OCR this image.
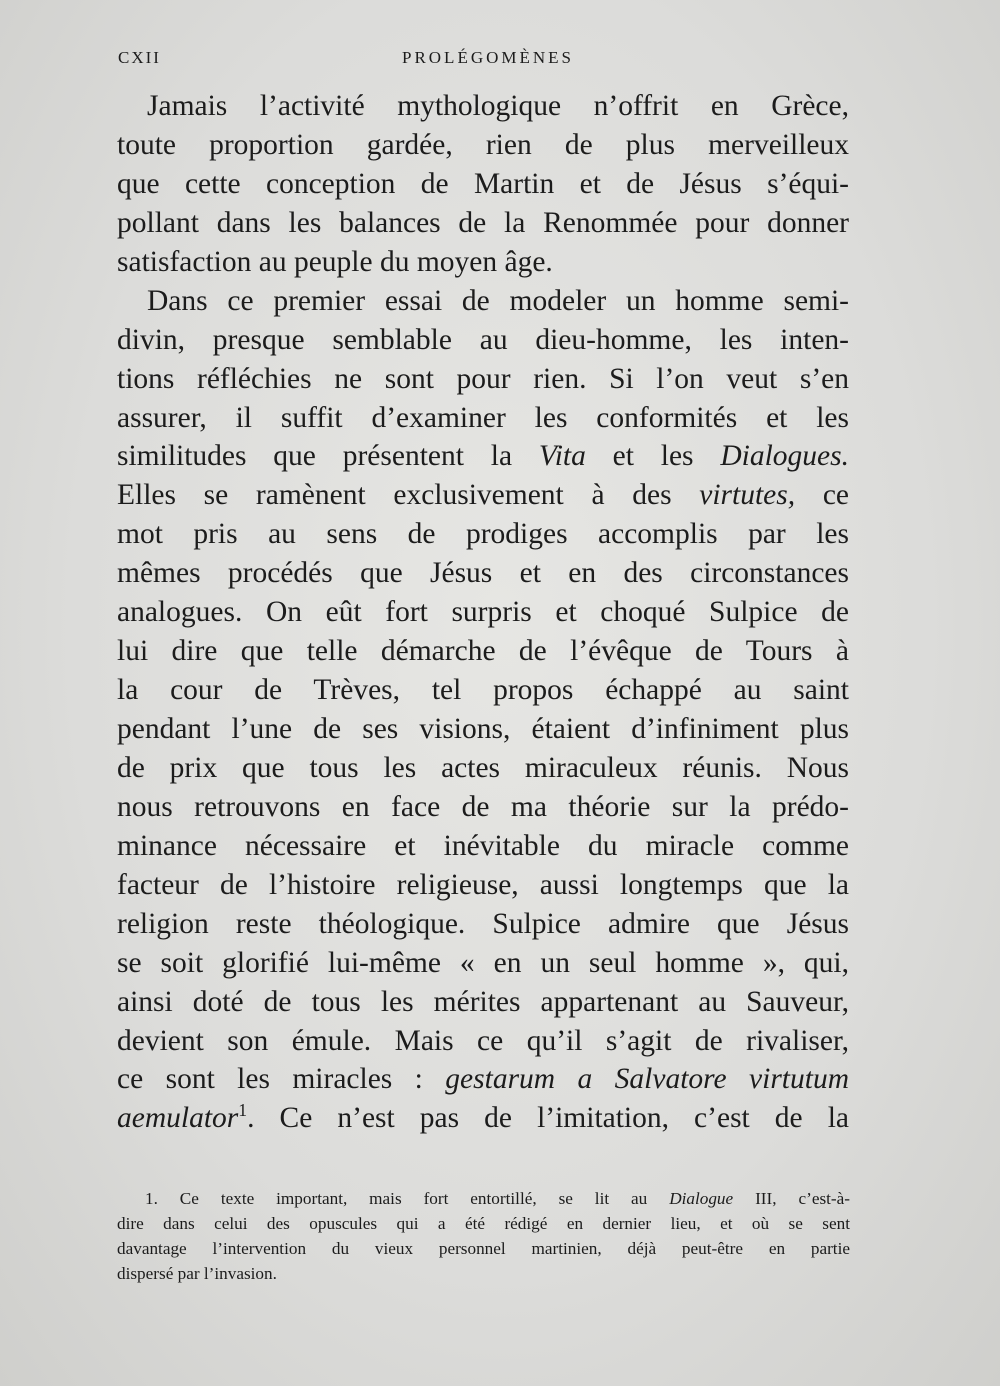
CXII	PROLÉGOMÈNES
Jamais l’activité mythologique n’offrit en Grèce,
toute proportion gardée, rien de plus merveilleux
que cette conception de Martin et de Jésus s’équi-
pollant dans les balances de la Renommée pour donner
satisfaction au peuple du moyen âge.
Dans ce premier essai de modeler un homme semi-
divin, presque semblable au dieu-homme, les inten-
tions réfléchies ne sont pour rien. Si l’on veut s’en
assurer, il suffit d’examiner les conformités et les
similitudes que présentent la Vita et les Dialogues.
Elles se ramènent exclusivement à des virtutes, ce
mot pris au sens de prodiges accomplis par les
mêmes procédés que Jésus et en des circonstances
analogues. On eût fort surpris et choqué Sulpice de
lui dire que telle démarche de l’évêque de Tours à
la cour de Trèves, tel propos échappé au saint
pendant l’une de ses visions, étaient d’infiniment plus
de prix que tous les actes miraculeux réunis. Nous
nous retrouvons en face de ma théorie sur la prédo-
minance nécessaire et inévitable du miracle comme
facteur de l’histoire religieuse, aussi longtemps que la
religion reste théologique. Sulpice admire que Jésus
se soit glorifié lui-même « en un seul homme », qui,
ainsi doté de tous les mérites appartenant au Sauveur,
devient son émule. Mais ce qu’il s’agit de rivaliser,
ce sont les miracles : gestarum a Salvatore virtutum
aemulator$^1$. Ce n’est pas de l’imitation, c’est de la
1. Ce texte important, mais fort entortillé, se lit au Dialogue III, c’est-à-
dire dans celui des opuscules qui a été rédigé en dernier lieu, et où se sent
davantage l’intervention du vieux personnel martinien, déjà peut-être en partie
dispersé par l’invasion.
